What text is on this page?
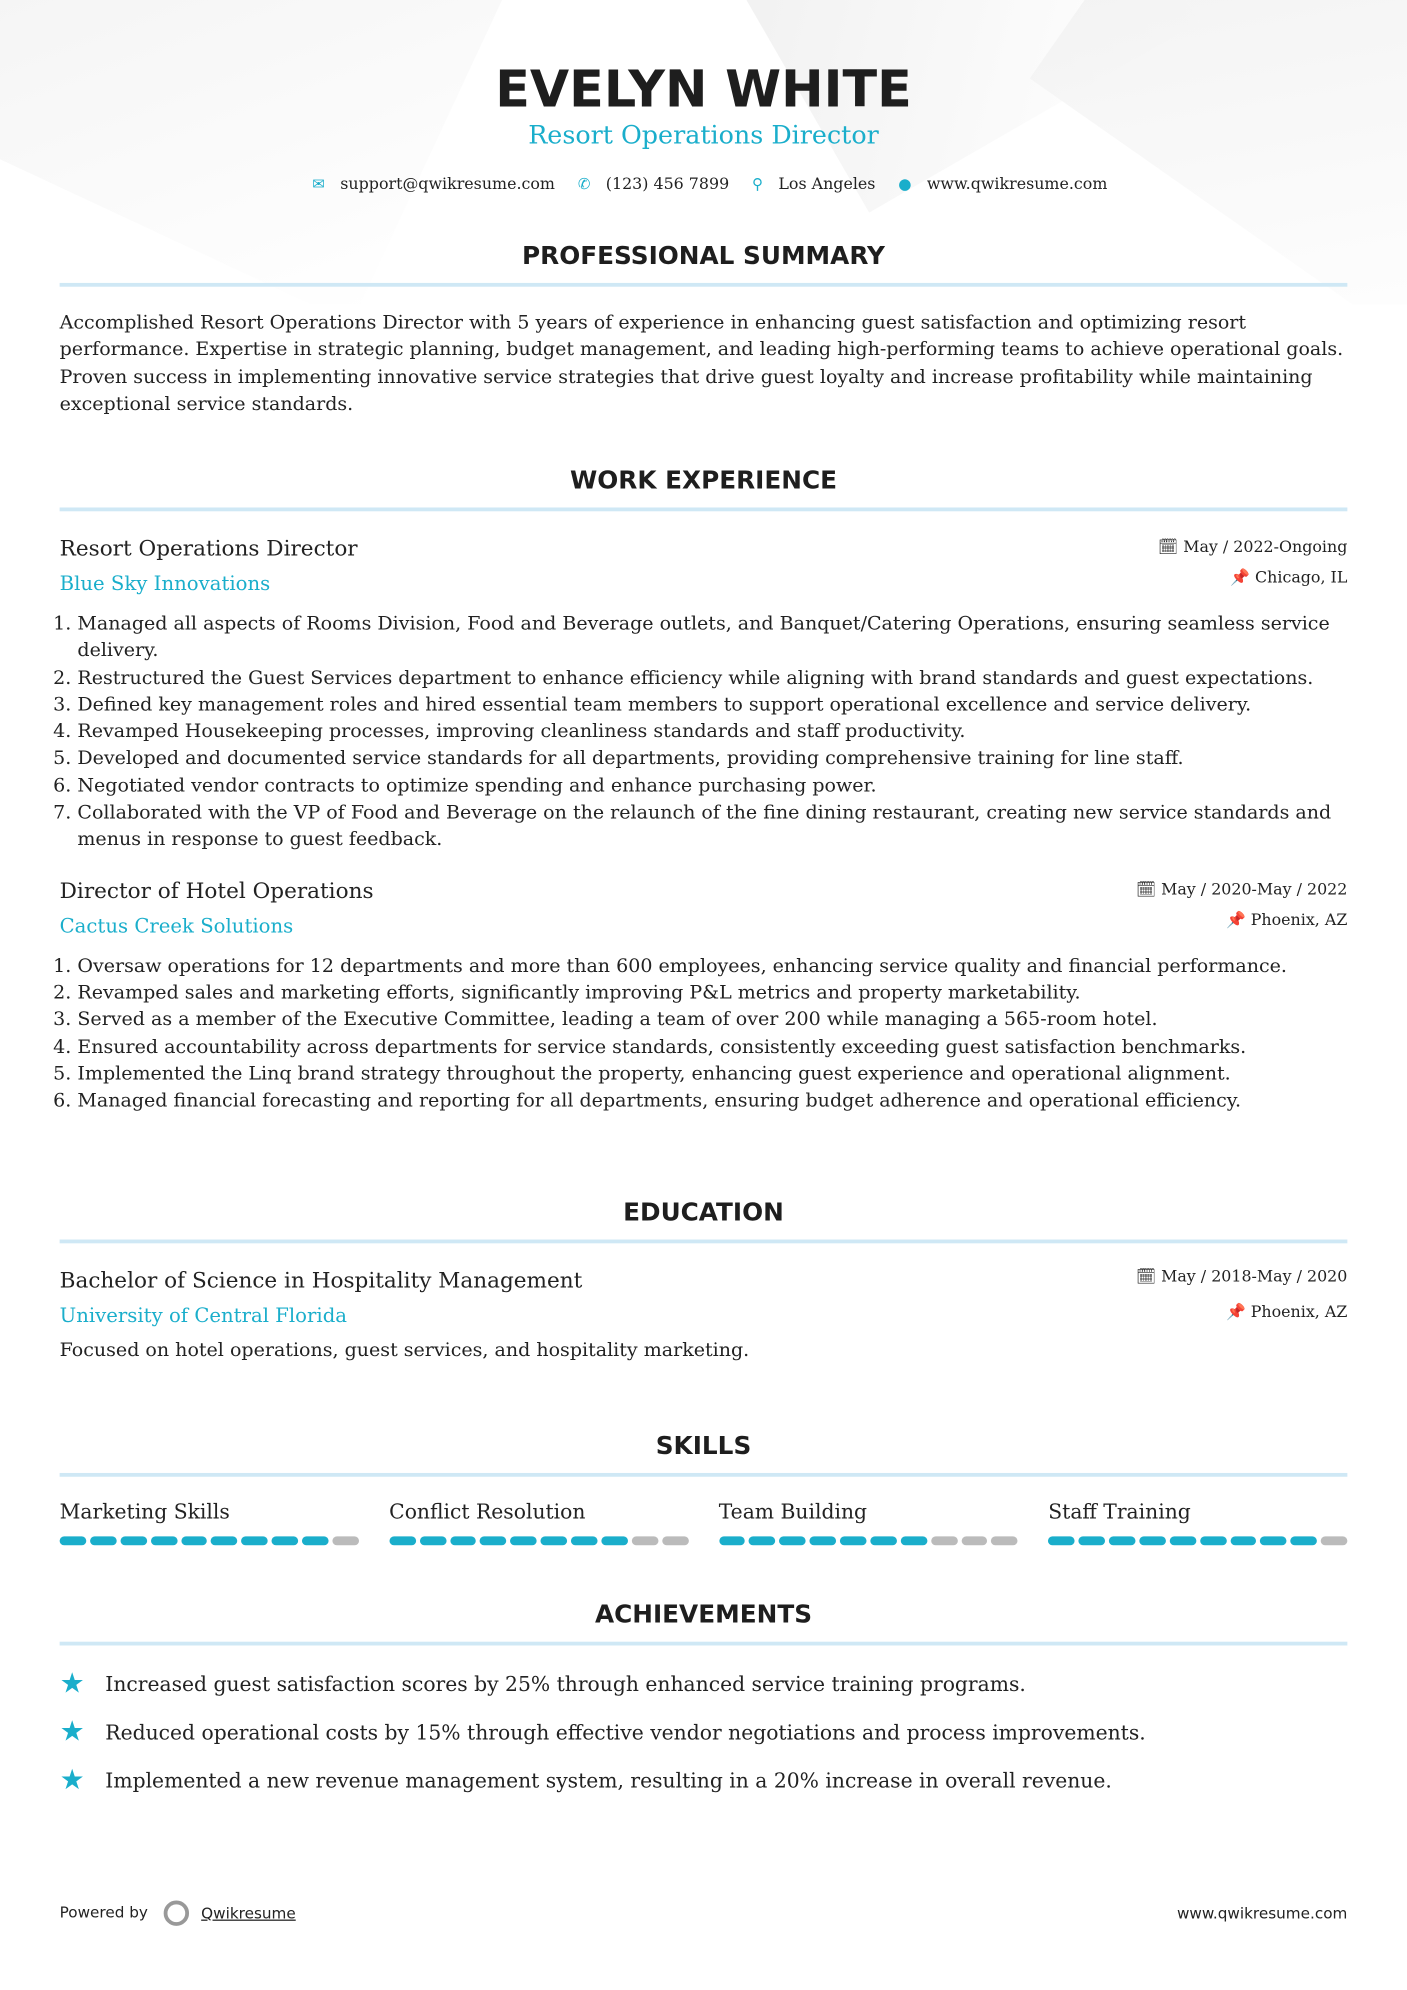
EVELYN WHITE
Resort Operations Director
✉ support@qwikresume.com ✆ (123) 456 7899 ⚲ Los Angeles ● www.qwikresume.com
PROFESSIONAL SUMMARY

Accomplished Resort Operations Director with 5 years of experience in enhancing guest satisfaction and optimizing resort performance. Expertise in strategic planning, budget management, and leading high-performing teams to achieve operational goals. Proven success in implementing innovative service strategies that drive guest loyalty and increase profitability while maintaining exceptional service standards.

WORK EXPERIENCE
🗓 May / 2022-Ongoing
📌 Chicago, IL
Resort Operations Director
Blue Sky Innovations
1. Managed all aspects of Rooms Division, Food and Beverage outlets, and Banquet/Catering Operations, ensuring seamless service delivery.
2. Restructured the Guest Services department to enhance efficiency while aligning with brand standards and guest expectations.
3. Defined key management roles and hired essential team members to support operational excellence and service delivery.
4. Revamped Housekeeping processes, improving cleanliness standards and staff productivity.
5. Developed and documented service standards for all departments, providing comprehensive training for line staff.
6. Negotiated vendor contracts to optimize spending and enhance purchasing power.
7. Collaborated with the VP of Food and Beverage on the relaunch of the fine dining restaurant, creating new service standards and menus in response to guest feedback.
🗓 May / 2020-May / 2022
📌 Phoenix, AZ
Director of Hotel Operations
Cactus Creek Solutions
1. Oversaw operations for 12 departments and more than 600 employees, enhancing service quality and financial performance.
2. Revamped sales and marketing efforts, significantly improving P&L metrics and property marketability.
3. Served as a member of the Executive Committee, leading a team of over 200 while managing a 565-room hotel.
4. Ensured accountability across departments for service standards, consistently exceeding guest satisfaction benchmarks.
5. Implemented the Linq brand strategy throughout the property, enhancing guest experience and operational alignment.
6. Managed financial forecasting and reporting for all departments, ensuring budget adherence and operational efficiency.
EDUCATION
🗓 May / 2018-May / 2020
📌 Phoenix, AZ
Bachelor of Science in Hospitality Management
University of Central Florida

Focused on hotel operations, guest services, and hospitality marketing.

SKILLS
Marketing Skills	Conflict Resolution	Team Building	Staff Training
ACHIEVEMENTS
★	Increased guest satisfaction scores by 25% through enhanced service training programs.
★	Reduced operational costs by 15% through effective vendor negotiations and process improvements.
★	Implemented a new revenue management system, resulting in a 20% increase in overall revenue.
Powered by	Qwikresume	www.qwikresume.com
